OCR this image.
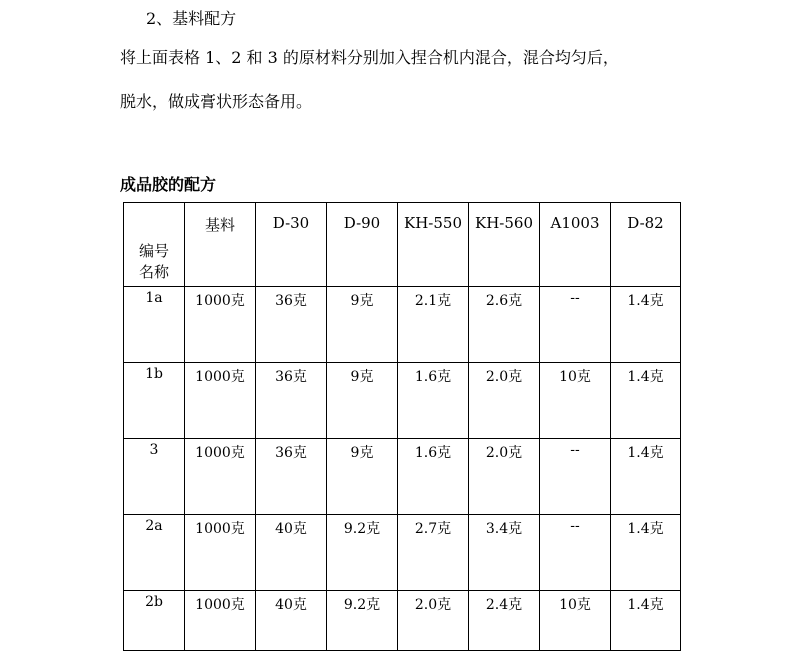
2、基料配方
将上面表格 1、2 和 3 的原材料分别加入捏合机内混合，混合均匀后，
脱水，做成膏状形态备用。
成品胶的配方
编号
名称	基料	D-30	D-90	KH-550	KH-560	A1003	D-82
1a	1000克	36克	9克	2.1克	2.6克	--	1.4克
1b	1000克	36克	9克	1.6克	2.0克	10克	1.4克
3	1000克	36克	9克	1.6克	2.0克	--	1.4克
2a	1000克	40克	9.2克	2.7克	3.4克	--	1.4克
2b	1000克	40克	9.2克	2.0克	2.4克	10克	1.4克
